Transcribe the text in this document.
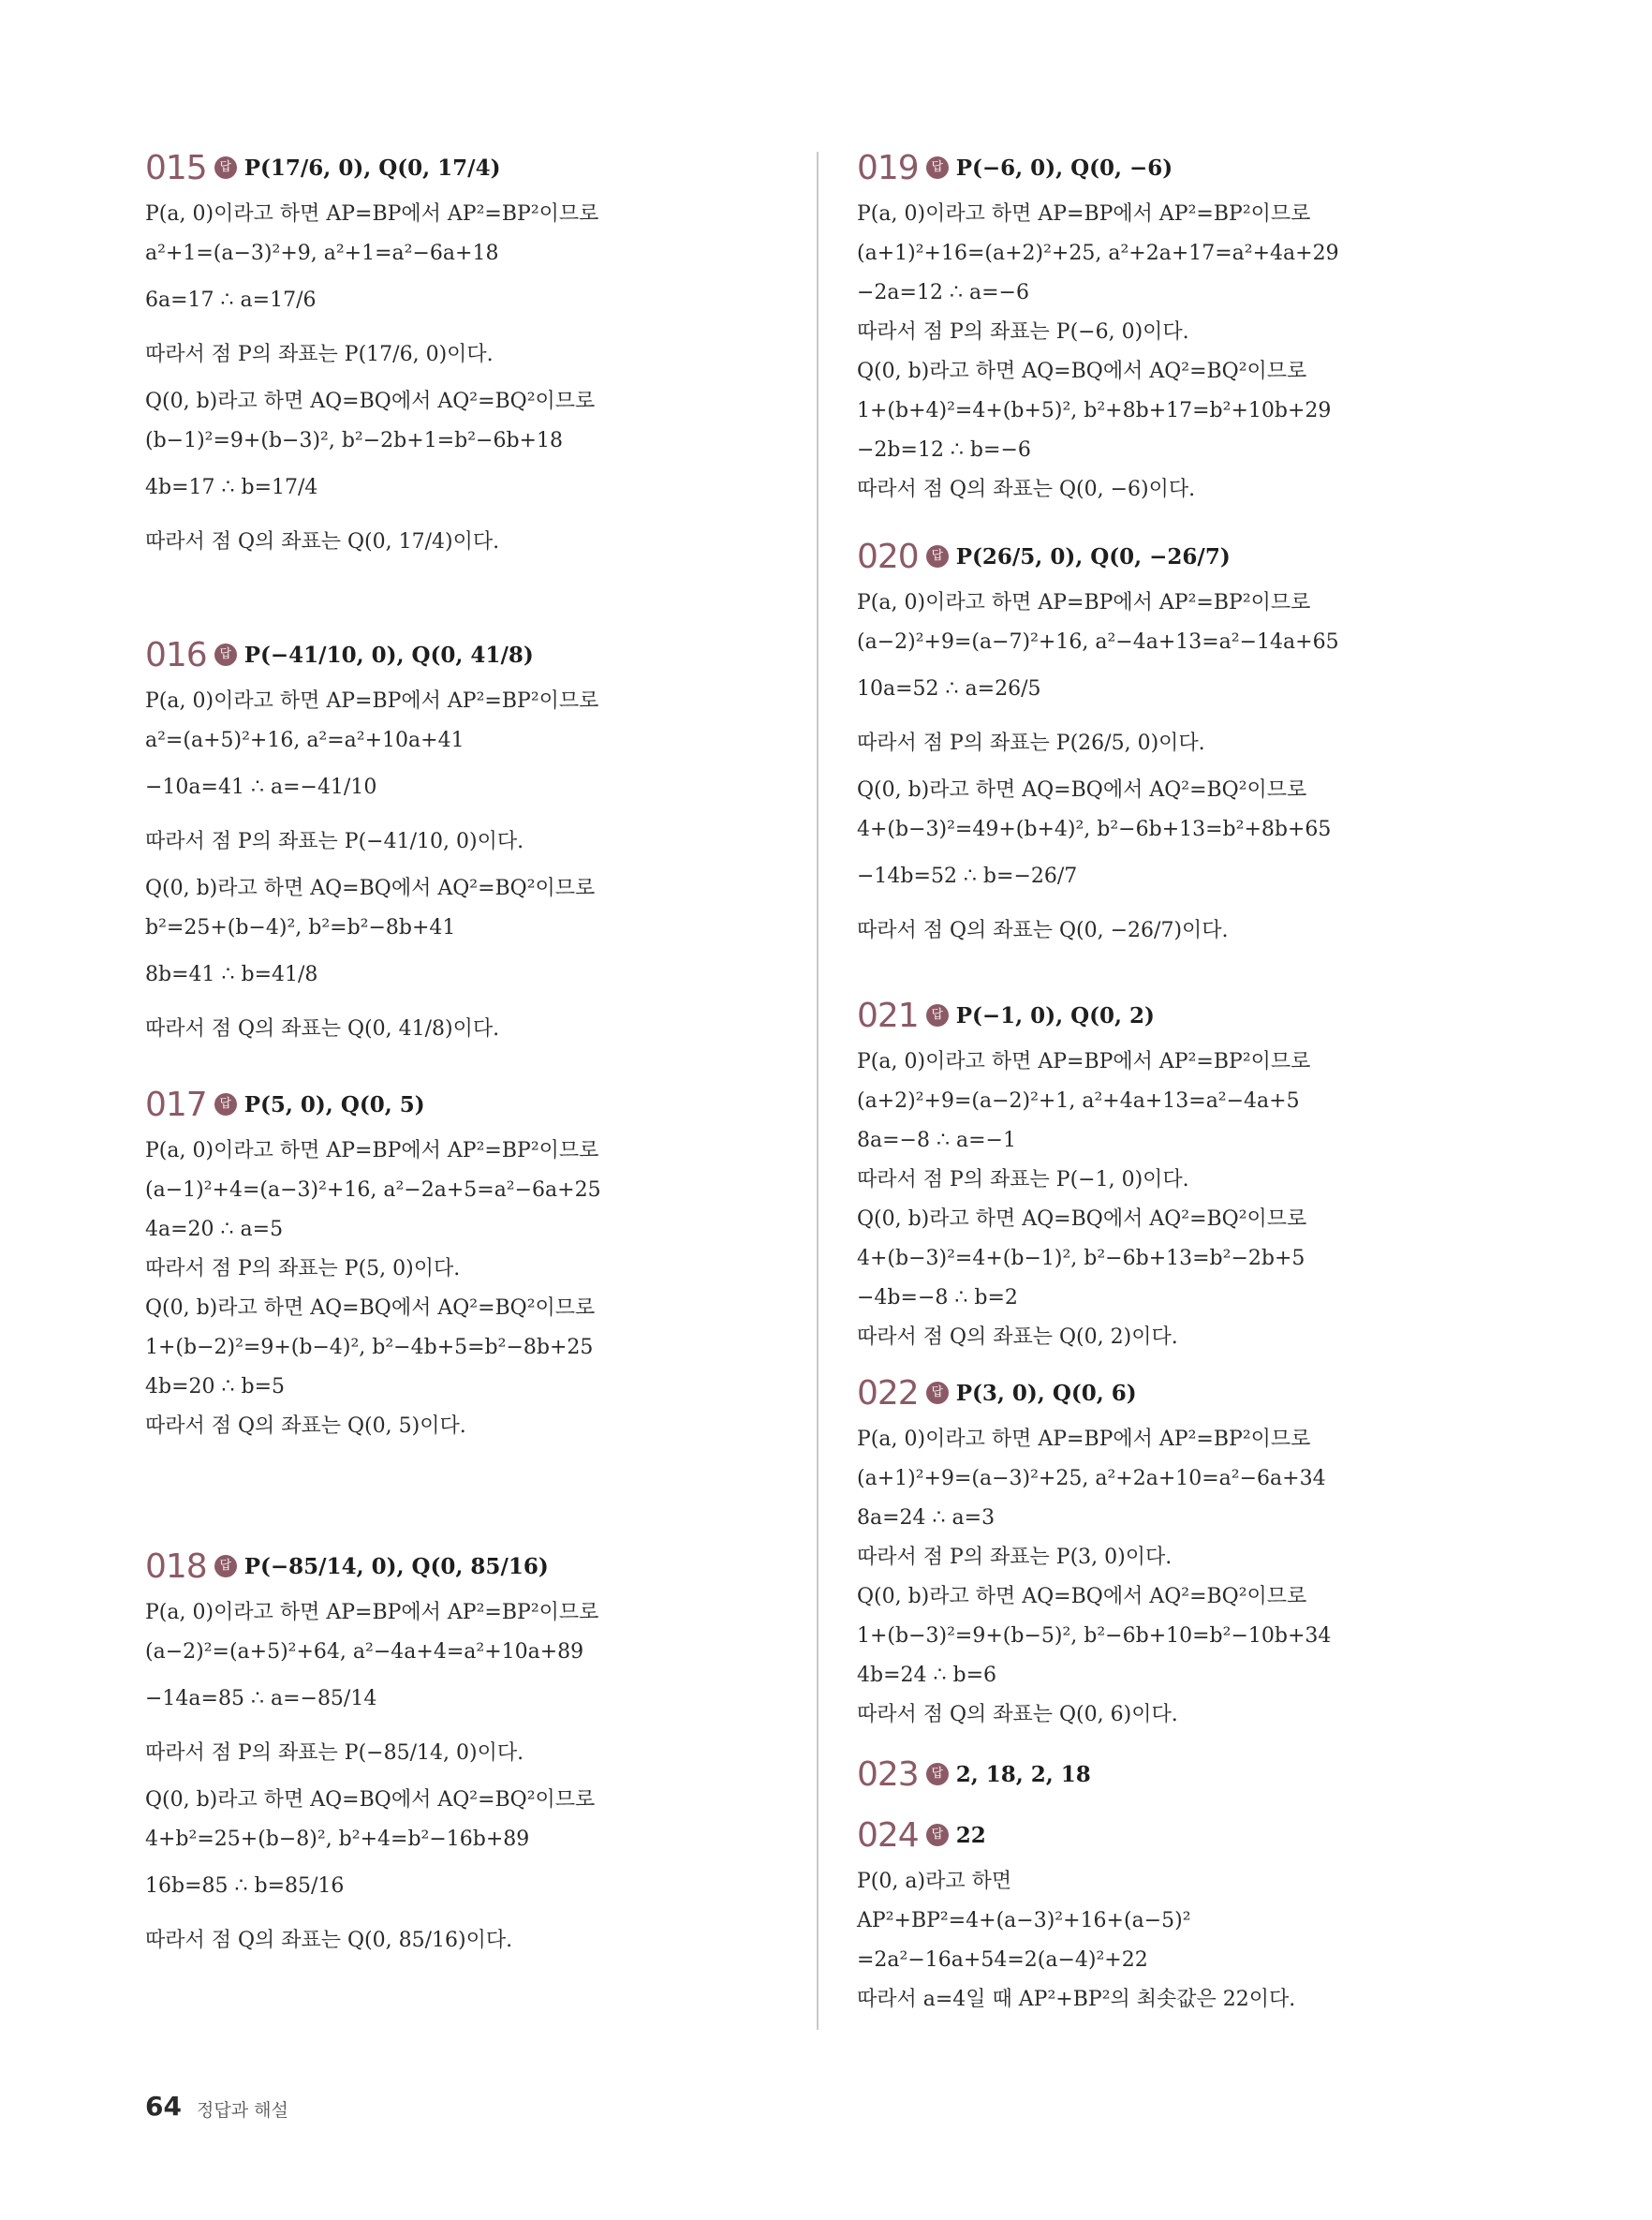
015	답 P(17/6, 0), Q(0, 17/4)
P(a, 0)이라고 하면 AP=BP에서 AP²=BP²이므로
a²+1=(a−3)²+9, a²+1=a²−6a+18
6a=17 ∴ a=17/6
따라서 점 P의 좌표는 P(17/6, 0)이다.
Q(0, b)라고 하면 AQ=BQ에서 AQ²=BQ²이므로
(b−1)²=9+(b−3)², b²−2b+1=b²−6b+18
4b=17 ∴ b=17/4
따라서 점 Q의 좌표는 Q(0, 17/4)이다.
016	답 P(−41/10, 0), Q(0, 41/8)
P(a, 0)이라고 하면 AP=BP에서 AP²=BP²이므로
a²=(a+5)²+16, a²=a²+10a+41
−10a=41 ∴ a=−41/10
따라서 점 P의 좌표는 P(−41/10, 0)이다.
Q(0, b)라고 하면 AQ=BQ에서 AQ²=BQ²이므로
b²=25+(b−4)², b²=b²−8b+41
8b=41 ∴ b=41/8
따라서 점 Q의 좌표는 Q(0, 41/8)이다.
017	답 P(5, 0), Q(0, 5)
P(a, 0)이라고 하면 AP=BP에서 AP²=BP²이므로
(a−1)²+4=(a−3)²+16, a²−2a+5=a²−6a+25
4a=20 ∴ a=5
따라서 점 P의 좌표는 P(5, 0)이다.
Q(0, b)라고 하면 AQ=BQ에서 AQ²=BQ²이므로
1+(b−2)²=9+(b−4)², b²−4b+5=b²−8b+25
4b=20 ∴ b=5
따라서 점 Q의 좌표는 Q(0, 5)이다.
018	답 P(−85/14, 0), Q(0, 85/16)
P(a, 0)이라고 하면 AP=BP에서 AP²=BP²이므로
(a−2)²=(a+5)²+64, a²−4a+4=a²+10a+89
−14a=85 ∴ a=−85/14
따라서 점 P의 좌표는 P(−85/14, 0)이다.
Q(0, b)라고 하면 AQ=BQ에서 AQ²=BQ²이므로
4+b²=25+(b−8)², b²+4=b²−16b+89
16b=85 ∴ b=85/16
따라서 점 Q의 좌표는 Q(0, 85/16)이다.
019	답 P(−6, 0), Q(0, −6)
P(a, 0)이라고 하면 AP=BP에서 AP²=BP²이므로
(a+1)²+16=(a+2)²+25, a²+2a+17=a²+4a+29
−2a=12 ∴ a=−6
따라서 점 P의 좌표는 P(−6, 0)이다.
Q(0, b)라고 하면 AQ=BQ에서 AQ²=BQ²이므로
1+(b+4)²=4+(b+5)², b²+8b+17=b²+10b+29
−2b=12 ∴ b=−6
따라서 점 Q의 좌표는 Q(0, −6)이다.
020	답 P(26/5, 0), Q(0, −26/7)
P(a, 0)이라고 하면 AP=BP에서 AP²=BP²이므로
(a−2)²+9=(a−7)²+16, a²−4a+13=a²−14a+65
10a=52 ∴ a=26/5
따라서 점 P의 좌표는 P(26/5, 0)이다.
Q(0, b)라고 하면 AQ=BQ에서 AQ²=BQ²이므로
4+(b−3)²=49+(b+4)², b²−6b+13=b²+8b+65
−14b=52 ∴ b=−26/7
따라서 점 Q의 좌표는 Q(0, −26/7)이다.
021	답 P(−1, 0), Q(0, 2)
P(a, 0)이라고 하면 AP=BP에서 AP²=BP²이므로
(a+2)²+9=(a−2)²+1, a²+4a+13=a²−4a+5
8a=−8 ∴ a=−1
따라서 점 P의 좌표는 P(−1, 0)이다.
Q(0, b)라고 하면 AQ=BQ에서 AQ²=BQ²이므로
4+(b−3)²=4+(b−1)², b²−6b+13=b²−2b+5
−4b=−8 ∴ b=2
따라서 점 Q의 좌표는 Q(0, 2)이다.
022	답 P(3, 0), Q(0, 6)
P(a, 0)이라고 하면 AP=BP에서 AP²=BP²이므로
(a+1)²+9=(a−3)²+25, a²+2a+10=a²−6a+34
8a=24 ∴ a=3
따라서 점 P의 좌표는 P(3, 0)이다.
Q(0, b)라고 하면 AQ=BQ에서 AQ²=BQ²이므로
1+(b−3)²=9+(b−5)², b²−6b+10=b²−10b+34
4b=24 ∴ b=6
따라서 점 Q의 좌표는 Q(0, 6)이다.
023	답 2, 18, 2, 18
024	답 22
P(0, a)라고 하면
AP²+BP²=4+(a−3)²+16+(a−5)²
=2a²−16a+54=2(a−4)²+22
따라서 a=4일 때 AP²+BP²의 최솟값은 22이다.
64 정답과 해설
